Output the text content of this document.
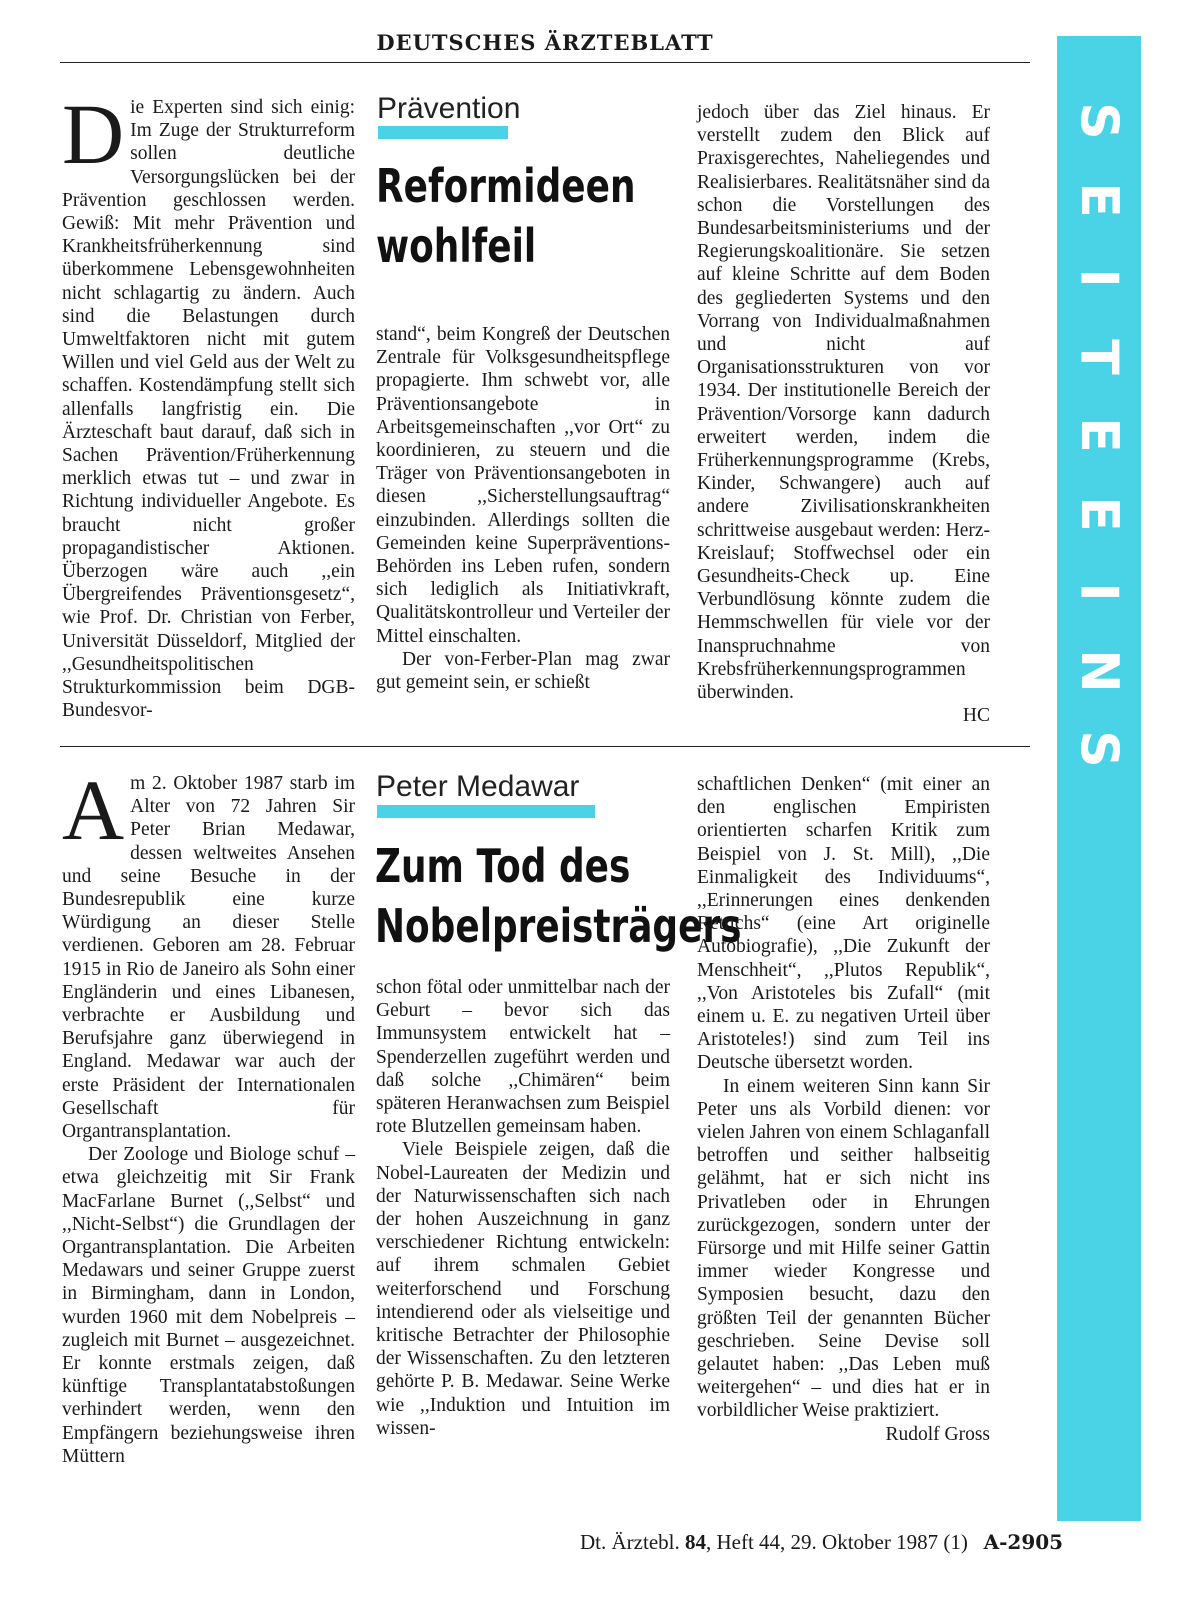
DEUTSCHES ÄRZTEBLATT
S
E
I
T
E
E
I
N
S

Die Experten sind sich einig: Im Zuge der Strukturreform sollen deutliche Versorgungslücken bei der Prävention geschlossen werden. Gewiß: Mit mehr Prävention und Krankheitsfrüherkennung sind überkommene Lebensgewohnheiten nicht schlagartig zu ändern. Auch sind die Belastungen durch Umweltfaktoren nicht mit gutem Willen und viel Geld aus der Welt zu schaffen. Kostendämpfung stellt sich allenfalls langfristig ein. Die Ärzteschaft baut darauf, daß sich in Sachen Prävention/Früherkennung merklich etwas tut – und zwar in Richtung individueller Angebote. Es braucht nicht großer propagandistischer Aktionen. Überzogen wäre auch ,,ein Übergreifendes Präventionsgesetz“, wie Prof. Dr. Christian von Ferber, Universität Düsseldorf, Mitglied der ,,Gesundheitspolitischen Strukturkommission beim DGB-Bundesvor-

Prävention
Reformideen
wohlfeil

stand“, beim Kongreß der Deutschen Zentrale für Volksgesundheitspflege propagierte. Ihm schwebt vor, alle Präventionsangebote in Arbeitsgemeinschaften ,,vor Ort“ zu koordinieren, zu steuern und die Träger von Präventionsangeboten in diesen ,,Sicherstellungsauftrag“ einzubinden. Allerdings sollten die Gemeinden keine Superpräventions-Behörden ins Leben rufen, sondern sich lediglich als Initiativkraft, Qualitätskontrolleur und Verteiler der Mittel einschalten.

Der von-Ferber-Plan mag zwar gut gemeint sein, er schießt

jedoch über das Ziel hinaus. Er verstellt zudem den Blick auf Praxisgerechtes, Naheliegendes und Realisierbares. Realitätsnäher sind da schon die Vorstellungen des Bundesarbeitsministeriums und der Regierungskoalitionäre. Sie setzen auf kleine Schritte auf dem Boden des gegliederten Systems und den Vorrang von Individualmaßnahmen und nicht auf Organisationsstrukturen von vor 1934. Der institutionelle Bereich der Prävention/Vorsorge kann dadurch erweitert werden, indem die Früherkennungsprogramme (Krebs, Kinder, Schwangere) auch auf andere Zivilisationskrankheiten schrittweise ausgebaut werden: Herz-Kreislauf; Stoffwechsel oder ein Gesundheits-Check up. Eine Verbundlösung könnte zudem die Hemmschwellen für viele vor der Inanspruchnahme von Krebsfrüherkennungsprogrammen überwinden.

HC

Am 2. Oktober 1987 starb im Alter von 72 Jahren Sir Peter Brian Medawar, dessen weltweites Ansehen und seine Besuche in der Bundesrepublik eine kurze Würdigung an dieser Stelle verdienen. Geboren am 28. Februar 1915 in Rio de Janeiro als Sohn einer Engländerin und eines Libanesen, verbrachte er Ausbildung und Berufsjahre ganz überwiegend in England. Medawar war auch der erste Präsident der Internationalen Gesellschaft für Organtransplantation.

Der Zoologe und Biologe schuf – etwa gleichzeitig mit Sir Frank MacFarlane Burnet (,,Selbst“ und ,,Nicht-Selbst“) die Grundlagen der Organtransplantation. Die Arbeiten Medawars und seiner Gruppe zuerst in Birmingham, dann in London, wurden 1960 mit dem Nobelpreis – zugleich mit Burnet – ausgezeichnet. Er konnte erstmals zeigen, daß künftige Transplantatabstoßungen verhindert werden, wenn den Empfängern beziehungsweise ihren Müttern

Peter Medawar
Zum Tod des
Nobelpreisträgers

schon fötal oder unmittelbar nach der Geburt – bevor sich das Immunsystem entwickelt hat – Spenderzellen zugeführt werden und daß solche ,,Chimären“ beim späteren Heranwachsen zum Beispiel rote Blutzellen gemeinsam haben.

Viele Beispiele zeigen, daß die Nobel-Laureaten der Medizin und der Naturwissenschaften sich nach der hohen Auszeichnung in ganz verschiedener Richtung entwickeln: auf ihrem schmalen Gebiet weiterforschend und Forschung intendierend oder als vielseitige und kritische Betrachter der Philosophie der Wissenschaften. Zu den letzteren gehörte P. B. Medawar. Seine Werke wie ,,Induktion und Intuition im wissen-

schaftlichen Denken“ (mit einer an den englischen Empiristen orientierten scharfen Kritik zum Beispiel von J. St. Mill), ,,Die Einmaligkeit des Individuums“, ,,Erinnerungen eines denkenden Rettichs“ (eine Art originelle Autobiografie), ,,Die Zukunft der Menschheit“, ,,Plutos Republik“, ,,Von Aristoteles bis Zufall“ (mit einem u. E. zu negativen Urteil über Aristoteles!) sind zum Teil ins Deutsche übersetzt worden.

In einem weiteren Sinn kann Sir Peter uns als Vorbild dienen: vor vielen Jahren von einem Schlaganfall betroffen und seither halbseitig gelähmt, hat er sich nicht ins Privatleben oder in Ehrungen zurückgezogen, sondern unter der Fürsorge und mit Hilfe seiner Gattin immer wieder Kongresse und Symposien besucht, dazu den größten Teil der genannten Bücher geschrieben. Seine Devise soll gelautet haben: ,,Das Leben muß weitergehen“ – und dies hat er in vorbildlicher Weise praktiziert.

Rudolf Gross

Dt. Ärztebl. 84, Heft 44, 29. Oktober 1987 (1) A-2905
